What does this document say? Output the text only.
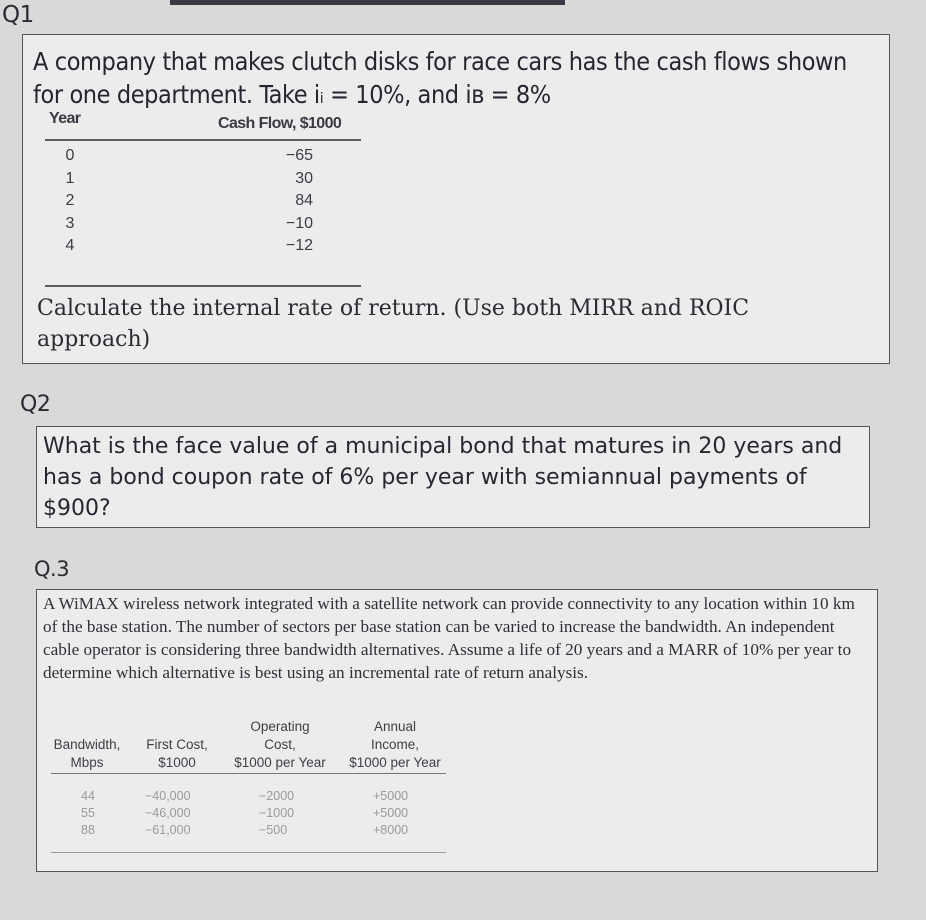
Q1
A company that makes clutch disks for race cars has the cash flows shown for one department. Take iᵢ = 10%, and iʙ = 8%
Year	Cash Flow, $1000
0
1
2
3
4
−65
30
84
−10
−12
Calculate the internal rate of return. (Use both MIRR and ROIC approach)
Q2
What is the face value of a municipal bond that matures in 20 years and has a bond coupon rate of 6% per year with semiannual payments of $900?
Q.3
A WiMAX wireless network integrated with a satellite network can provide connectivity to any location within 10 km of the base station. The number of sectors per base station can be varied to increase the bandwidth. An independent cable operator is considering three bandwidth alternatives. Assume a life of 20 years and a MARR of 10% per year to determine which alternative is best using an incremental rate of return analysis.
Bandwidth,
Mbps
First Cost,
$1000
Operating
Cost,
$1000 per Year
Annual
Income,
$1000 per Year
44
55
88
−40,000
−46,000
−61,000
−2000
−1000
−500
+5000
+5000
+8000
